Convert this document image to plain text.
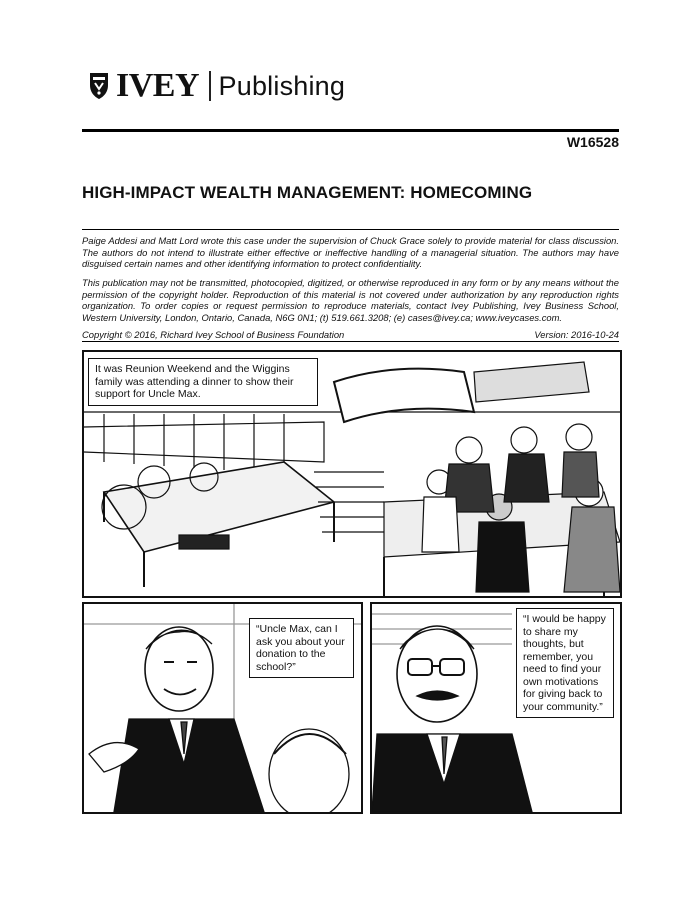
IVEY Publishing
W16528
HIGH-IMPACT WEALTH MANAGEMENT: HOMECOMING
Paige Addesi and Matt Lord wrote this case under the supervision of Chuck Grace solely to provide material for class discussion. The authors do not intend to illustrate either effective or ineffective handling of a managerial situation. The authors may have disguised certain names and other identifying information to protect confidentiality.
This publication may not be transmitted, photocopied, digitized, or otherwise reproduced in any form or by any means without the permission of the copyright holder. Reproduction of this material is not covered under authorization by any reproduction rights organization. To order copies or request permission to reproduce materials, contact Ivey Publishing, Ivey Business School, Western University, London, Ontario, Canada, N6G 0N1; (t) 519.661.3208; (e) cases@ivey.ca; www.iveycases.com.
Copyright © 2016, Richard Ivey School of Business Foundation	Version: 2016-10-24
It was Reunion Weekend and the Wiggins family was attending a dinner to show their support for Uncle Max.
“Uncle Max, can I ask you about your donation to the school?”
“I would be happy to share my thoughts, but remember, you need to find your own motivations for giving back to your community.”
